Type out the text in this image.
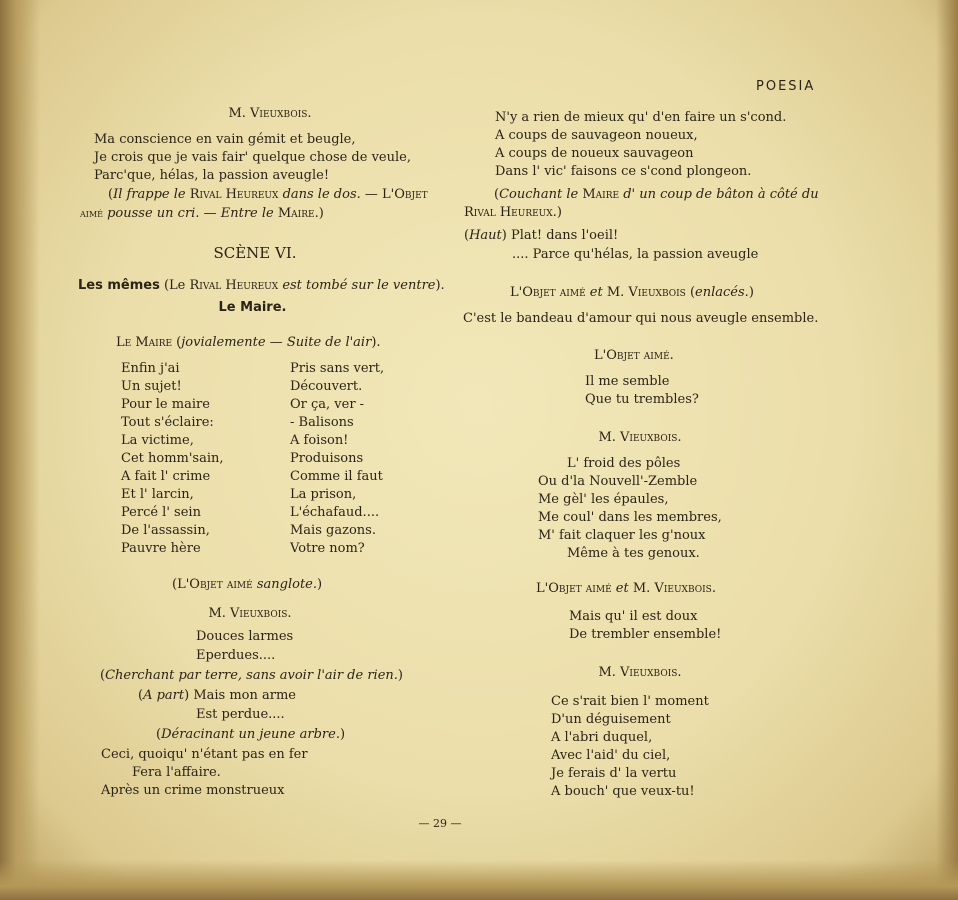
POESIA
M. Vieuxbois.
Ma conscience en vain gémit et beugle,
Je crois que je vais fair' quelque chose de veule,
Parc'que, hélas, la passion aveugle!
(Il frappe le Rival Heureux dans le dos. — L'Objet
aimé pousse un cri. — Entre le Maire.)
SCÈNE VI.
Les mêmes (Le Rival Heureux est tombé sur le ventre).
Le Maire.
Le Maire (jovialemente — Suite de l'air).
Enfin j'ai
Un sujet!
Pour le maire
Tout s'éclaire:
La victime,
Cet homm'sain,
A fait l' crime
Et l' larcin,
Percé l' sein
De l'assassin,
Pauvre hère
Pris sans vert,
Découvert.
Or ça, ver -
- Balisons
A foison!
Produisons
Comme il faut
La prison,
L'échafaud....
Mais gazons.
Votre nom?
(L'Objet aimé sanglote.)
M. Vieuxbois.
Douces larmes
Eperdues....
(Cherchant par terre, sans avoir l'air de rien.)
(A part) Mais mon arme
Est perdue....
(Déracinant un jeune arbre.)
Ceci, quoiqu' n'étant pas en fer
Fera l'affaire.
Après un crime monstrueux
N'y a rien de mieux qu' d'en faire un s'cond.
A coups de sauvageon noueux,
A coups de noueux sauvageon
Dans l' vic' faisons ce s'cond plongeon.
(Couchant le Maire d' un coup de bâton à côté du
Rival Heureux.)
(Haut) Plat! dans l'oeil!
.... Parce qu'hélas, la passion aveugle
L'Objet aimé et M. Vieuxbois (enlacés.)
C'est le bandeau d'amour qui nous aveugle ensemble.
L'Objet aimé.
Il me semble
Que tu trembles?
M. Vieuxbois.
L' froid des pôles
Ou d'la Nouvell'-Zemble
Me gèl' les épaules,
Me coul' dans les membres,
M' fait claquer les g'noux
Même à tes genoux.
L'Objet aimé et M. Vieuxbois.
Mais qu' il est doux
De trembler ensemble!
M. Vieuxbois.
Ce s'rait bien l' moment
D'un déguisement
A l'abri duquel,
Avec l'aid' du ciel,
Je ferais d' la vertu
A bouch' que veux-tu!
— 29 —
